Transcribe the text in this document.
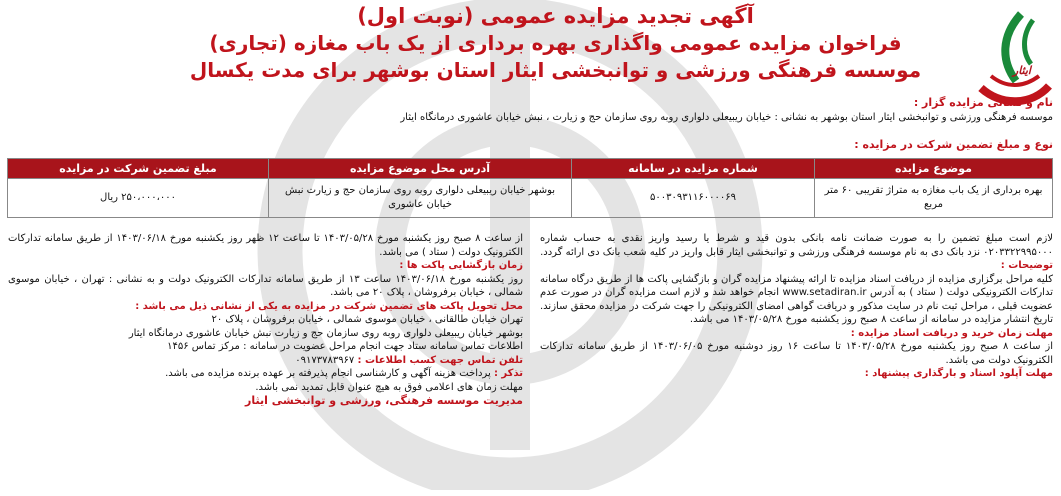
ایثار
آگهی تجدید مزایده عمومی (نوبت اول)
فراخوان مزایده عمومی واگذاری بهره برداری از یک باب مغازه (تجاری)
موسسه فرهنگی ورزشی و توانبخشی ایثار استان بوشهر برای مدت یکسال
نام و نشانی مزایده گزار :
موسسه فرهنگی ورزشی و توانبخشی ایثار استان بوشهر به نشانی : خیابان ریبیعلی دلواری روبه روی سازمان حج و زیارت ، نبش خیابان عاشوری درمانگاه ایثار
نوع و مبلغ تضمین شرکت در مزایده :
موضوع مزایده	شماره مزایده در سامانه	آدرس محل موضوع مزایده	مبلغ تضمین شرکت در مزایده
بهره برداری از یک باب مغازه به متراژ تقریبی ۶۰ متر مربع	۵۰۰۳۰۹۳۱۱۶۰۰۰۰۶۹	بوشهر خیابان ریبیعلی دلواری روبه روی سازمان حج و زیارت نبش خیابان عاشوری	۲۵۰،۰۰۰،۰۰۰ ریال

لازم است مبلغ تضمین را به صورت ضمانت نامه بانکی بدون قید و شرط یا رسید واریز نقدی به حساب شماره ۰۲۰۳۳۲۲۹۹۵۰۰۰ نزد بانک دی به نام موسسه فرهنگی ورزشی و توانبخشی ایثار قابل واریز در کلیه شعب بانک دی ارائه گردد.

توضیحات :

کلیه مراحل برگزاری مزایده از دریافت اسناد مزایده تا ارائه پیشنهاد مزایده گران و بازگشایی پاکت ها از طریق درگاه سامانه تدارکات الکترونیکی دولت ( ستاد ) به آدرس www.setadiran.ir انجام خواهد شد و لازم است مزایده گران در صورت عدم عضویت قبلی ، مراحل ثبت نام در سایت مذکور و دریافت گواهی امضای الکترونیکی را جهت شرکت در مزایده محقق سازند. تاریخ انتشار مزایده در سامانه از ساعت ۸ صبح روز یکشنبه مورخ ۱۴۰۳/۰۵/۲۸ می باشد.

مهلت زمان خرید و دریافت اسناد مزایده :

از ساعت ۸ صبح روز یکشنبه مورخ ۱۴۰۳/۰۵/۲۸ تا ساعت ۱۶ روز دوشنبه مورخ ۱۴۰۳/۰۶/۰۵ از طریق سامانه تدارکات الکترونیک دولت می باشد.

مهلت آپلود اسناد و بارگذاری پیشنهاد :

از ساعت ۸ صبح روز یکشنبه مورخ ۱۴۰۳/۰۵/۲۸ تا ساعت ۱۲ ظهر روز یکشنبه مورخ ۱۴۰۳/۰۶/۱۸ از طریق سامانه تدارکات الکترونیک دولت ( ستاد ) می باشد.

زمان بازگشایی پاکت ها :

روز یکشنبه مورخ ۱۴۰۳/۰۶/۱۸ ساعت ۱۳ از طریق سامانه تدارکات الکترونیک دولت و به نشانی : تهران ، خیابان موسوی شمالی ، خیابان برفروشان ، پلاک ۲۰ می باشد.

محل تحویل پاکت های تضمین شرکت در مزایده به یکی از نشانی ذیل می باشد :

تهران خیابان طالقانی ، خیابان موسوی شمالی ، خیابان برفروشان ، پلاک ۲۰

بوشهر خیابان ریبیعلی دلواری روبه روی سازمان حج و زیارت نبش خیابان عاشوری درمانگاه ایثار

اطلاعات تماس سامانه ستاد جهت انجام مراحل عضویت در سامانه : مرکز تماس ۱۴۵۶

تلفن تماس جهت کسب اطلاعات : ۰۹۱۷۳۷۸۳۹۶۷

تذکر : پرداخت هزینه آگهی و کارشناسی انجام پذیرفته بر عهده برنده مزایده می باشد.

مهلت زمان های اعلامی فوق به هیچ عنوان قابل تمدید نمی باشد.

مدیریت موسسه فرهنگی، ورزشی و توانبخشی ایثار
